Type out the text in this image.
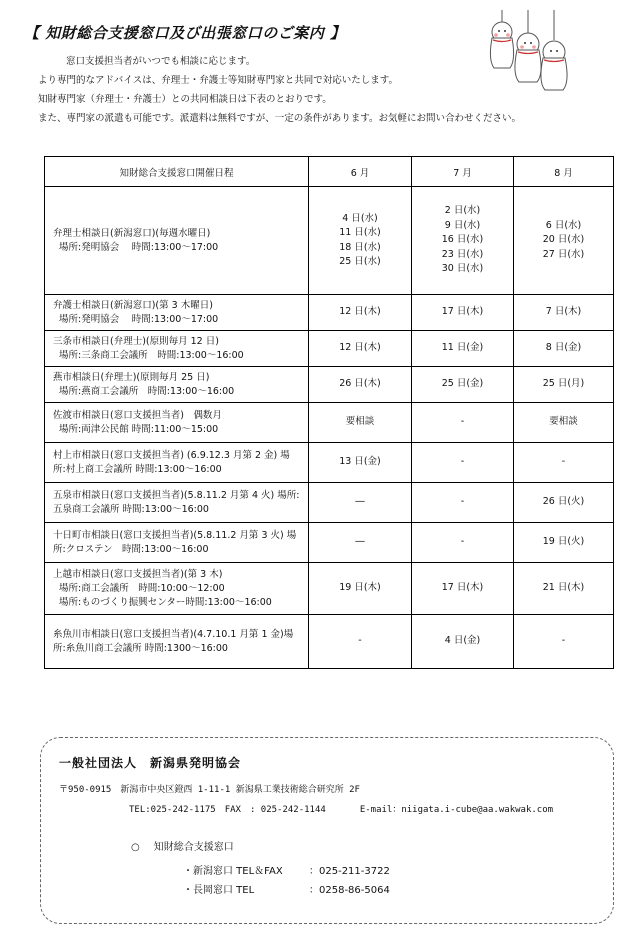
【 知財総合支援窓口及び出張窓口のご案内 】

窓口支援担当者がいつでも相談に応じます。

より専門的なアドバイスは、弁理士・弁護士等知財専門家と共同で対応いたします。

知財専門家（弁理士・弁護士）との共同相談日は下表のとおりです。

また、専門家の派遣も可能です。派遣料は無料ですが、一定の条件があります。お気軽にお問い合わせください。

知財総合支援窓口開催日程	6 月	7 月	8 月
弁理士相談日(新潟窓口)(毎週水曜日)
場所:発明協会　 時間:13:00～17:00	4 日(水)
11 日(水)
18 日(水)
25 日(水)	2 日(水)
9 日(水)
16 日(水)
23 日(水)
30 日(水)	6 日(水)
20 日(水)
27 日(水)
弁護士相談日(新潟窓口)(第 3 木曜日)
場所:発明協会　 時間:13:00～17:00	12 日(木)	17 日(木)	7 日(木)
三条市相談日(弁理士)(原則毎月 12 日)
場所:三条商工会議所　時間:13:00～16:00	12 日(木)	11 日(金)	8 日(金)
燕市相談日(弁理士)(原則毎月 25 日)
場所:燕商工会議所　時間:13:00～16:00	26 日(木)	25 日(金)	25 日(月)
佐渡市相談日(窓口支援担当者)　偶数月
場所:両津公民館 時間:11:00～15:00	要相談	-	要相談
村上市相談日(窓口支援担当者) (6.9.12.3 月第 2 金) 場所:村上商工会議所 時間:13:00～16:00	13 日(金)	-	-
五泉市相談日(窓口支援担当者)(5.8.11.2 月第 4 火) 場所:五泉商工会議所 時間:13:00～16:00	―	-	26 日(火)
十日町市相談日(窓口支援担当者)(5.8.11.2 月第 3 火) 場所:クロステン　時間:13:00～16:00	―	-	19 日(火)
上越市相談日(窓口支援担当者)(第 3 木)
場所:商工会議所　時間:10:00～12:00
場所:ものづくり振興センター時間:13:00～16:00	19 日(木)	17 日(木)	21 日(木)
糸魚川市相談日(窓口支援担当者)(4.7.10.1 月第 1 金)場所:糸魚川商工会議所 時間:1300～16:00	-	4 日(金)	-
一般社団法人　新潟県発明協会
〒950-0915　新潟市中央区鐙西 1-11-1 新潟県工業技術総合研究所 2F
TEL:025-242-1175　FAX　: 025-242-1144	E-mail：niigata.i-cube@aa.wakwak.com
○ 知財総合支援窓口
・新潟窓口 TEL＆FAX	：025-211-3722
・長岡窓口 TEL	：0258-86-5064
